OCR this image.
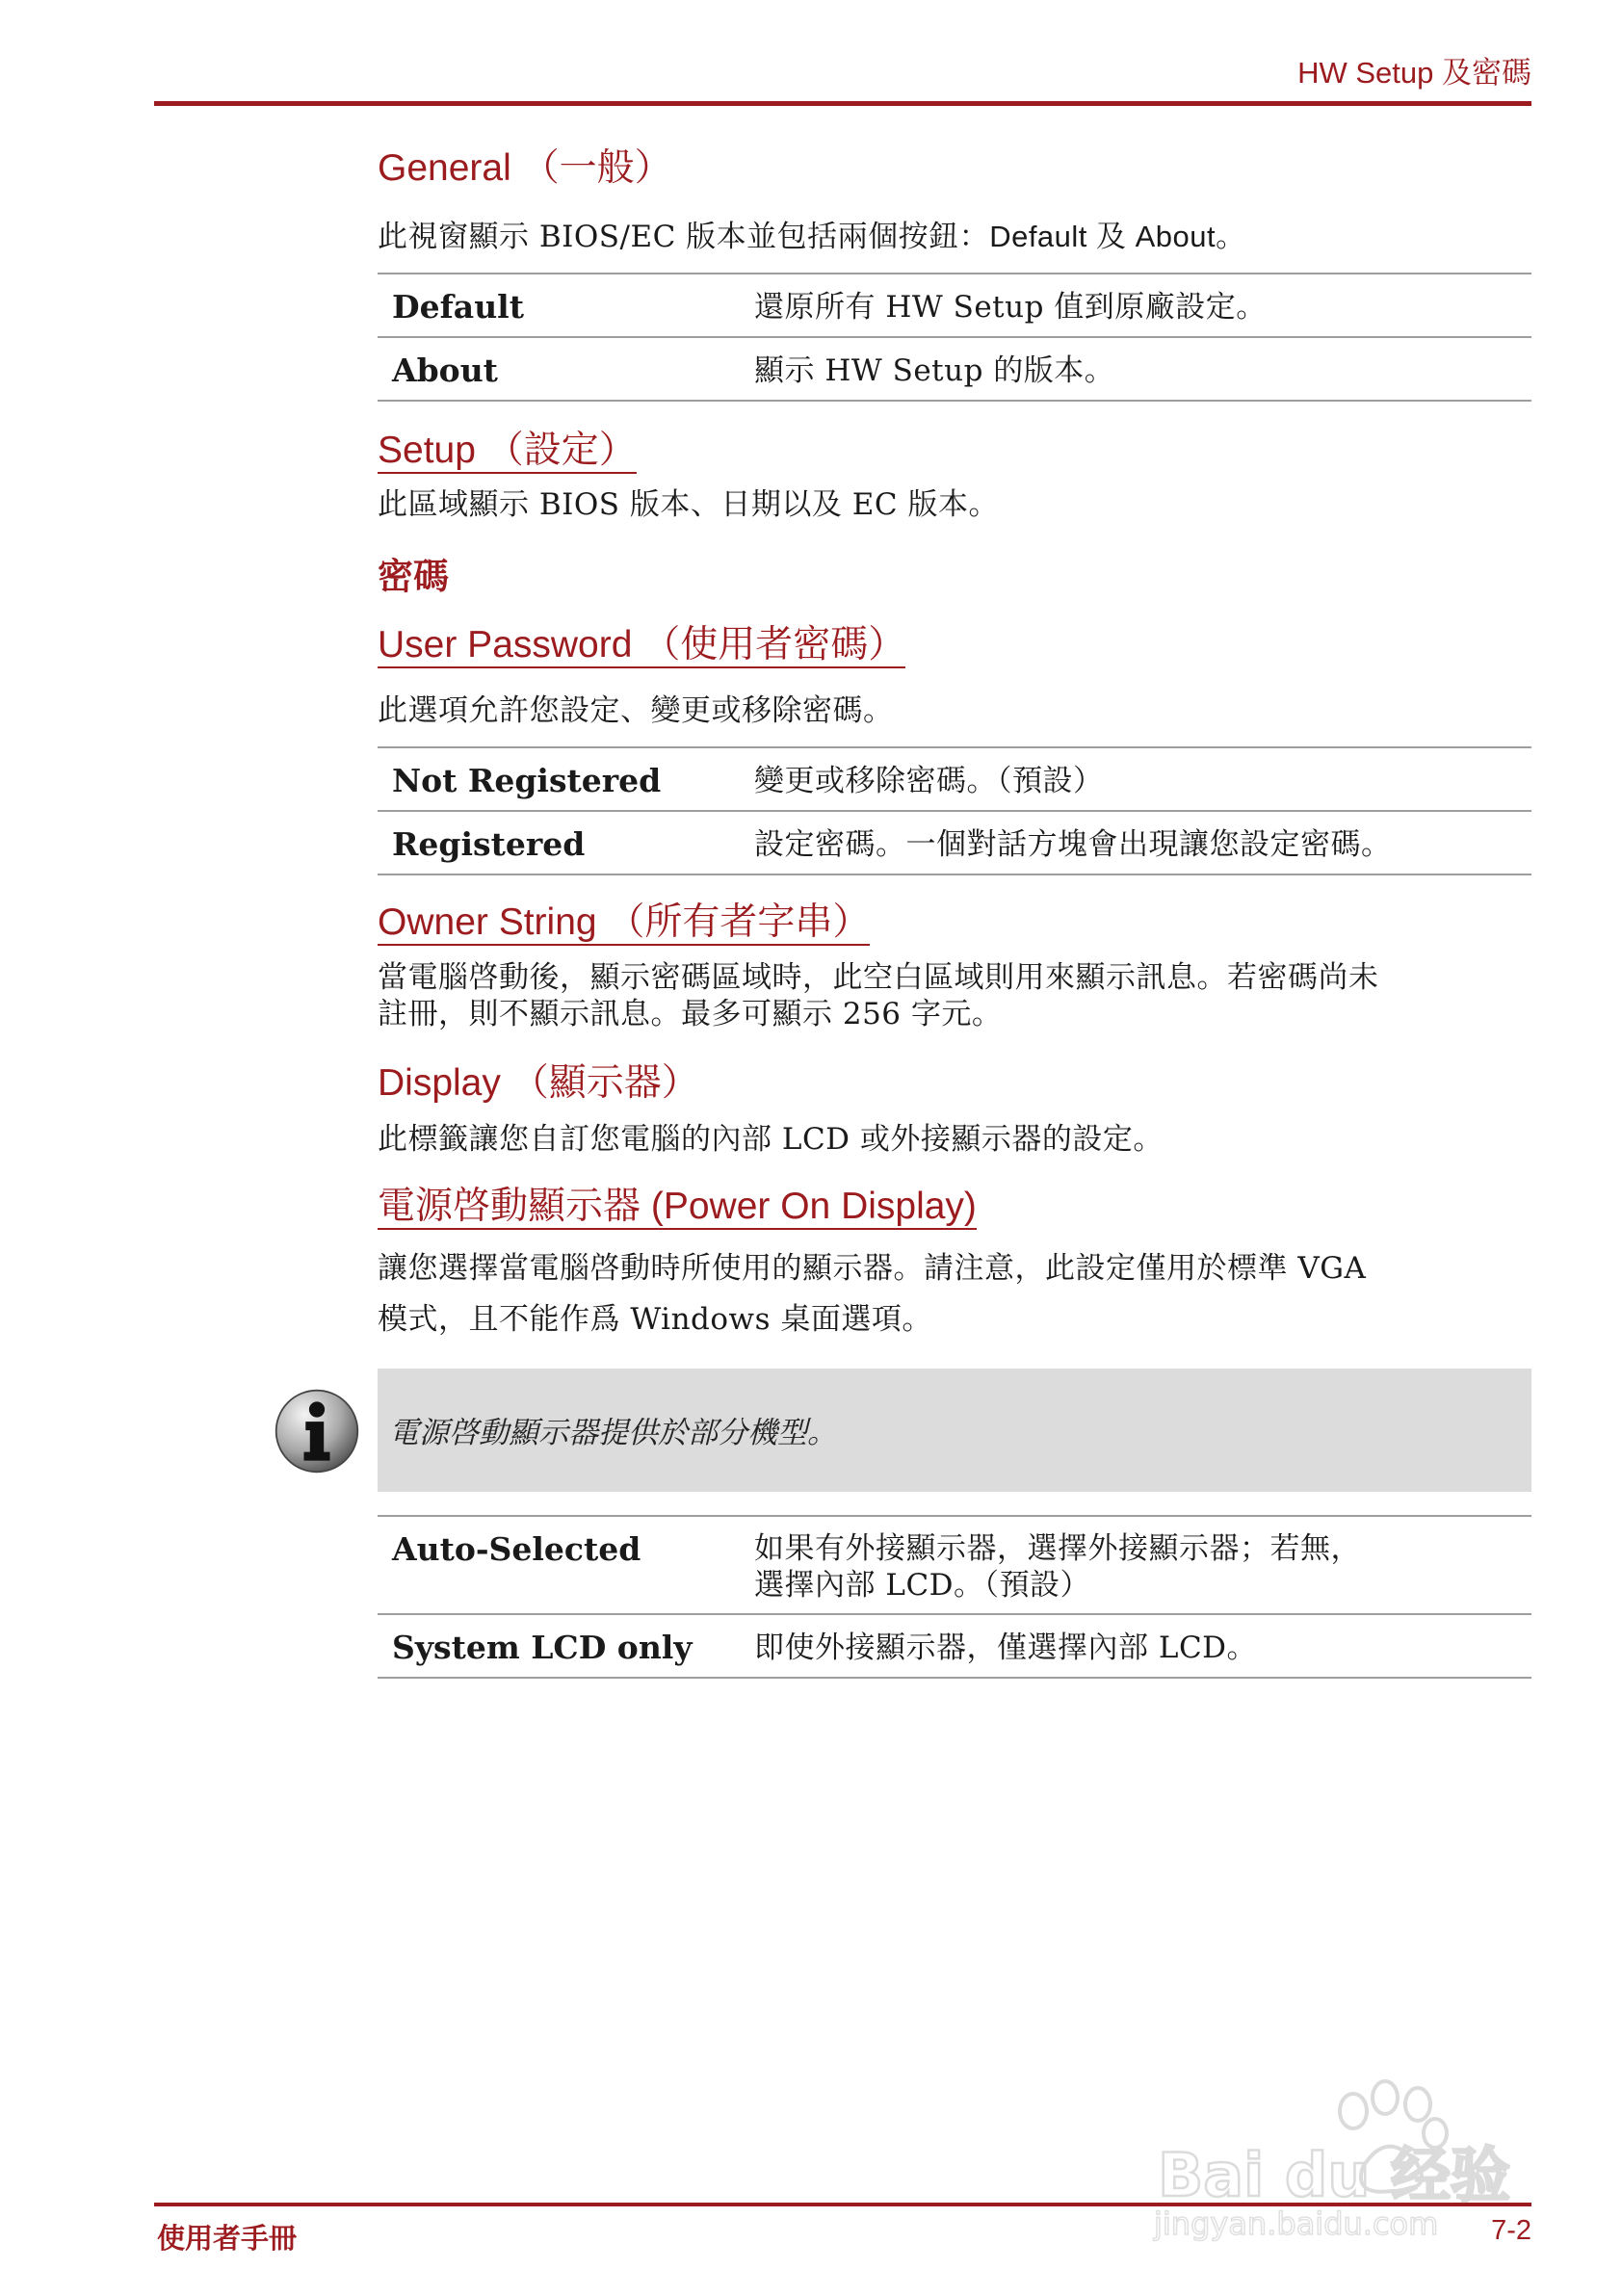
HW Setup 及密碼
General （一般）

此視窗顯示 BIOS/EC 版本並包括兩個按鈕：Default 及 About。

Default	還原所有 HW Setup 值到原廠設定。
About	顯示 HW Setup 的版本。
Setup （設定）

此區域顯示 BIOS 版本、日期以及 EC 版本。

密碼
User Password （使用者密碼）

此選項允許您設定、變更或移除密碼。

Not Registered	變更或移除密碼。（預設）
Registered	設定密碼。一個對話方塊會出現讓您設定密碼。
Owner String （所有者字串）

當電腦啓動後，顯示密碼區域時，此空白區域則用來顯示訊息。若密碼尚未
註冊，則不顯示訊息。最多可顯示 256 字元。

Display （顯示器）

此標籤讓您自訂您電腦的內部 LCD 或外接顯示器的設定。

電源啓動顯示器 (Power On Display)

讓您選擇當電腦啓動時所使用的顯示器。請注意，此設定僅用於標準 VGA
模式，且不能作爲 Windows 桌面選項。

電源啓動顯示器提供於部分機型。
Auto-Selected	如果有外接顯示器，選擇外接顯示器；若無，
選擇內部 LCD。（預設）
System LCD only	即使外接顯示器，僅選擇內部 LCD。
使用者手冊	7-2
Bai du 经验
jingyan.baidu.com
